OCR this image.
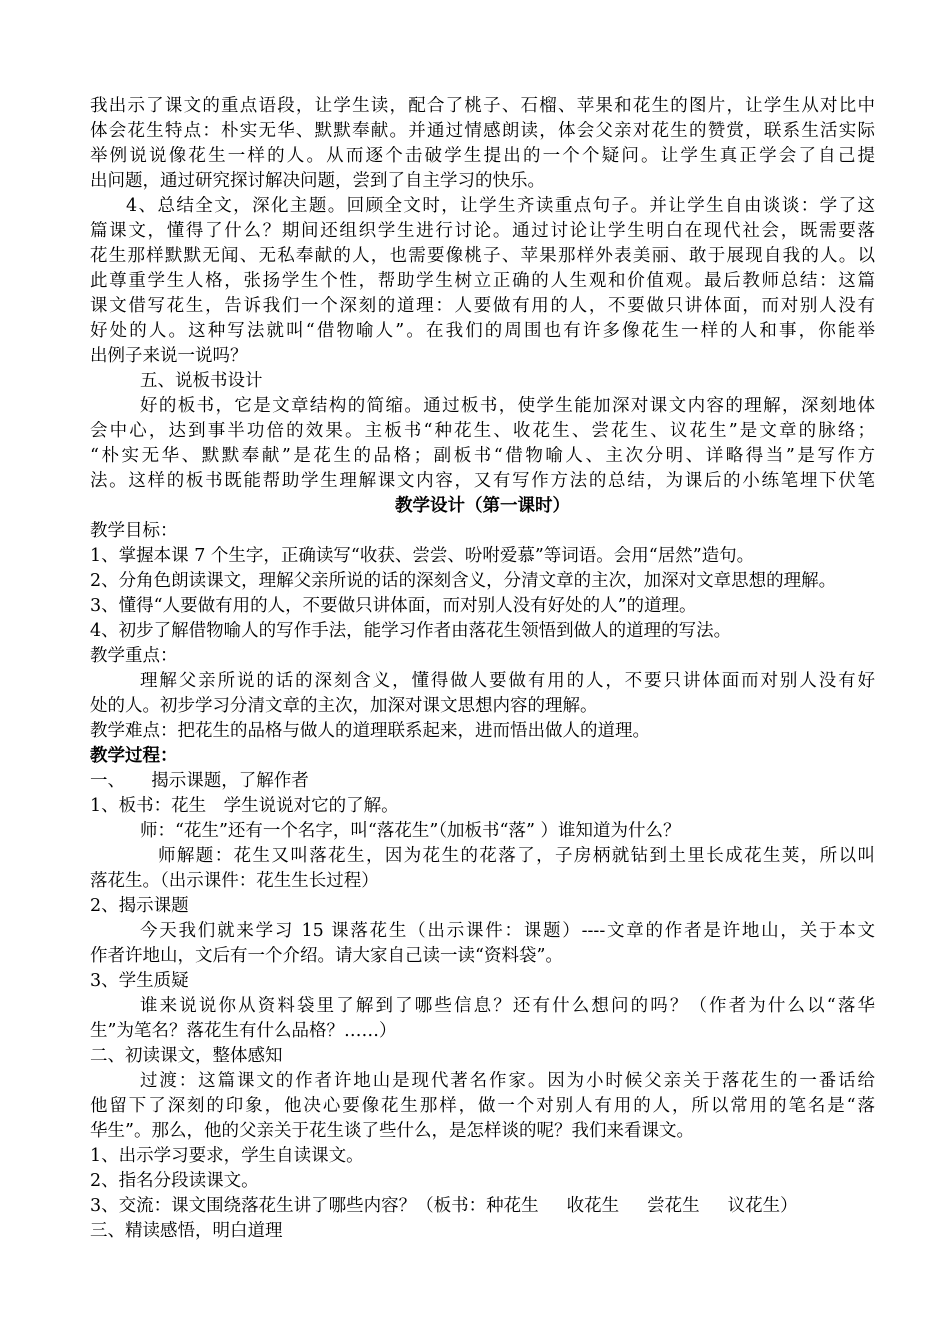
我出示了课文的重点语段，让学生读，配合了桃子、石榴、苹果和花生的图片，让学生从对比中
体会花生特点：朴实无华、默默奉献。并通过情感朗读，体会父亲对花生的赞赏，联系生活实际
举例说说像花生一样的人。从而逐个击破学生提出的一个个疑问。让学生真正学会了自己提
出问题，通过研究探讨解决问题，尝到了自主学习的快乐。
4、总结全文，深化主题。回顾全文时，让学生齐读重点句子。并让学生自由谈谈：学了这
篇课文，懂得了什么？期间还组织学生进行讨论。通过讨论让学生明白在现代社会，既需要落
花生那样默默无闻、无私奉献的人，也需要像桃子、苹果那样外表美丽、敢于展现自我的人。以
此尊重学生人格，张扬学生个性，帮助学生树立正确的人生观和价值观。最后教师总结：这篇
课文借写花生，告诉我们一个深刻的道理：人要做有用的人，不要做只讲体面，而对别人没有
好处的人。这种写法就叫“借物喻人”。在我们的周围也有许多像花生一样的人和事，你能举
出例子来说一说吗？
五、说板书设计
好的板书，它是文章结构的简缩。通过板书，使学生能加深对课文内容的理解，深刻地体
会中心，达到事半功倍的效果。主板书“种花生、收花生、尝花生、议花生”是文章的脉络；
“朴实无华、默默奉献”是花生的品格；副板书“借物喻人、主次分明、详略得当”是写作方
法。这样的板书既能帮助学生理解课文内容，又有写作方法的总结，为课后的小练笔埋下伏笔
教学设计（第一课时）
教学目标：
1、掌握本课 7 个生字，正确读写“收获、尝尝、吩咐爱慕”等词语。会用“居然”造句。
2、分角色朗读课文，理解父亲所说的话的深刻含义，分清文章的主次，加深对文章思想的理解。
3、懂得“人要做有用的人，不要做只讲体面，而对别人没有好处的人”的道理。
4、初步了解借物喻人的写作手法，能学习作者由落花生领悟到做人的道理的写法。
教学重点：
理解父亲所说的话的深刻含义，懂得做人要做有用的人，不要只讲体面而对别人没有好
处的人。初步学习分清文章的主次，加深对课文思想内容的理解。
教学难点：把花生的品格与做人的道理联系起来，进而悟出做人的道理。
教学过程：
一、　　揭示课题，了解作者
1、板书：花生　学生说说对它的了解。
师：“花生”还有一个名字，叫“落花生”（加板书“落” ）谁知道为什么？
师解题：花生又叫落花生，因为花生的花落了，子房柄就钻到土里长成花生荚，所以叫
落花生。（出示课件：花生生长过程）
2、揭示课题
今天我们就来学习 15 课落花生（出示课件：课题）----文章的作者是许地山，关于本文
作者许地山，文后有一个介绍。请大家自己读一读“资料袋”。
3、学生质疑
谁来说说你从资料袋里了解到了哪些信息？还有什么想问的吗？（作者为什么以“落华
生”为笔名？落花生有什么品格？……）
二、初读课文，整体感知
过渡：这篇课文的作者许地山是现代著名作家。因为小时候父亲关于落花生的一番话给
他留下了深刻的印象，他决心要像花生那样，做一个对别人有用的人，所以常用的笔名是“落
华生”。那么，他的父亲关于花生谈了些什么，是怎样谈的呢？我们来看课文。
1、出示学习要求，学生自读课文。
2、指名分段读课文。
3、交流：课文围绕落花生讲了哪些内容？（板书：种花生 收花生 尝花生 议花生）
三、精读感悟，明白道理
